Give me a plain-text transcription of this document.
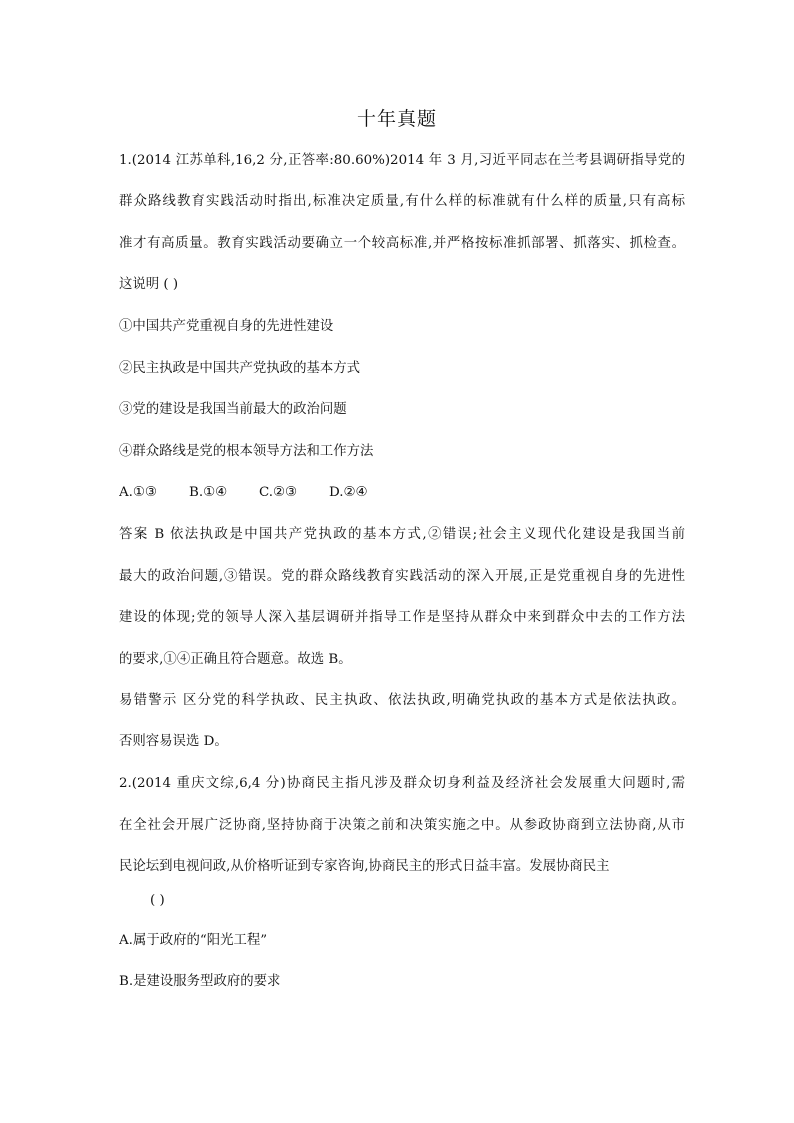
十年真题
1.(2014 江苏单科,16,2 分,正答率:80.60%)2014 年 3 月,习近平同志在兰考县调研指导党的
群众路线教育实践活动时指出,标准决定质量,有什么样的标准就有什么样的质量,只有高标
准才有高质量。教育实践活动要确立一个较高标准,并严格按标准抓部署、抓落实、抓检查。
这说明 ( )
①中国共产党重视自身的先进性建设
②民主执政是中国共产党执政的基本方式
③党的建设是我国当前最大的政治问题
④群众路线是党的根本领导方法和工作方法
A.①③ B.①④ C.②③ D.②④
答案 B 依法执政是中国共产党执政的基本方式,②错误;社会主义现代化建设是我国当前
最大的政治问题,③错误。党的群众路线教育实践活动的深入开展,正是党重视自身的先进性
建设的体现;党的领导人深入基层调研并指导工作是坚持从群众中来到群众中去的工作方法
的要求,①④正确且符合题意。故选 B。
易错警示 区分党的科学执政、民主执政、依法执政,明确党执政的基本方式是依法执政。
否则容易误选 D。
2.(2014 重庆文综,6,4 分)协商民主指凡涉及群众切身利益及经济社会发展重大问题时,需
在全社会开展广泛协商,坚持协商于决策之前和决策实施之中。从参政协商到立法协商,从市
民论坛到电视问政,从价格听证到专家咨询,协商民主的形式日益丰富。发展协商民主
( )
A.属于政府的“阳光工程”
B.是建设服务型政府的要求
